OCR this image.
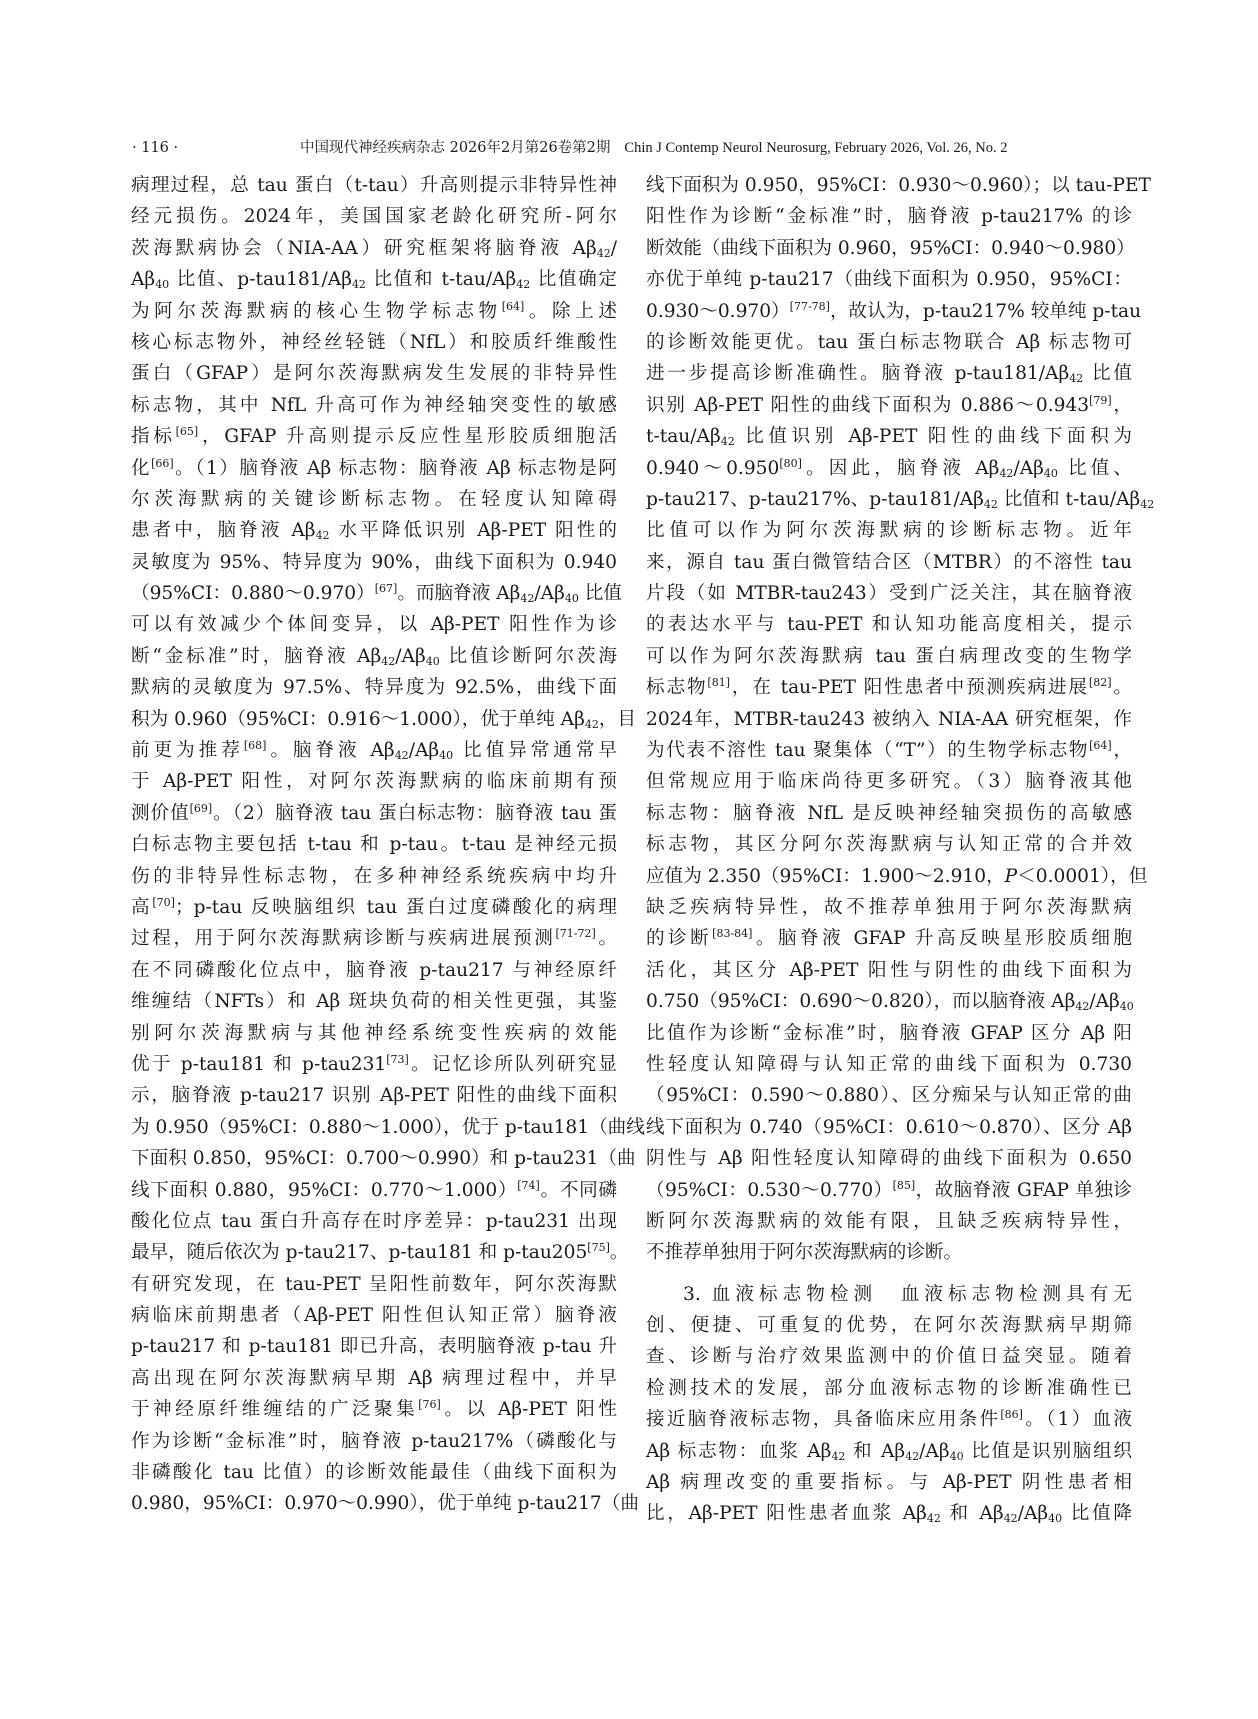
· 116 ·	中国现代神经疾病杂志 2026年2月第26卷第2期 Chin J Contemp Neurol Neurosurg, February 2026, Vol. 26, No. 2
病理过程，总 tau 蛋白（t-tau）升高则提示非特异性神
经元损伤。2024年，美国国家老龄化研究所-阿尔
茨海默病协会（NIA-AA）研究框架将脑脊液 $A\beta_{42}/$
$A\beta_{40}$ 比值、$p-tau181/A\beta_{42}$ 比值和 $t-tau/A\beta_{42}$ 比值确定
为阿尔茨海默病的核心生物学标志物[64]。除上述
核心标志物外，神经丝轻链（NfL）和胶质纤维酸性
蛋白（GFAP）是阿尔茨海默病发生发展的非特异性
标志物，其中 NfL 升高可作为神经轴突变性的敏感
指标[65]，GFAP 升高则提示反应性星形胶质细胞活
化[66]。（1）脑脊液 Aβ 标志物：脑脊液 Aβ 标志物是阿
尔茨海默病的关键诊断标志物。在轻度认知障碍
患者中，脑脊液 $A\beta_{42}$ 水平降低识别 Aβ-PET 阳性的
灵敏度为 95%、特异度为 90%，曲线下面积为 0.940
（95%CI：0.880～0.970）[67]。而脑脊液 $A\beta_{42}/A\beta_{40}$ 比值
可以有效减少个体间变异，以 Aβ-PET 阳性作为诊
断“金标准”时，脑脊液 $A\beta_{42}/A\beta_{40}$ 比值诊断阿尔茨海
默病的灵敏度为 97.5%、特异度为 92.5%，曲线下面
积为 0.960（95%CI：0.916～1.000），优于单纯 $A\beta_{42}$，目
前更为推荐[68]。脑脊液 $A\beta_{42}/A\beta_{40}$ 比值异常通常早
于 Aβ-PET 阳性，对阿尔茨海默病的临床前期有预
测价值[69]。（2）脑脊液 tau 蛋白标志物：脑脊液 tau 蛋
白标志物主要包括 t-tau 和 p-tau。t-tau 是神经元损
伤的非特异性标志物，在多种神经系统疾病中均升
高[70]；p-tau 反映脑组织 tau 蛋白过度磷酸化的病理
过程，用于阿尔茨海默病诊断与疾病进展预测[71-72]。
在不同磷酸化位点中，脑脊液 p-tau217 与神经原纤
维缠结（NFTs）和 Aβ 斑块负荷的相关性更强，其鉴
别阿尔茨海默病与其他神经系统变性疾病的效能
优于 p-tau181 和 p-tau231[73]。记忆诊所队列研究显
示，脑脊液 p-tau217 识别 Aβ-PET 阳性的曲线下面积
为 0.950（95%CI：0.880～1.000），优于 p-tau181（曲线
下面积 0.850，95%CI：0.700～0.990）和 p-tau231（曲
线下面积 0.880，95%CI：0.770～1.000）[74]。不同磷
酸化位点 tau 蛋白升高存在时序差异：p-tau231 出现
最早，随后依次为 p-tau217、p-tau181 和 p-tau205[75]。
有研究发现，在 tau-PET 呈阳性前数年，阿尔茨海默
病临床前期患者（Aβ-PET 阳性但认知正常）脑脊液
p-tau217 和 p-tau181 即已升高，表明脑脊液 p-tau 升
高出现在阿尔茨海默病早期 Aβ 病理过程中，并早
于神经原纤维缠结的广泛聚集[76]。以 Aβ-PET 阳性
作为诊断“金标准”时，脑脊液 p-tau217%（磷酸化与
非磷酸化 tau 比值）的诊断效能最佳（曲线下面积为
0.980，95%CI：0.970～0.990），优于单纯 p-tau217（曲
线下面积为 0.950，95%CI：0.930～0.960）；以 tau-PET
阳性作为诊断“金标准”时，脑脊液 p-tau217% 的诊
断效能（曲线下面积为 0.960，95%CI：0.940～0.980）
亦优于单纯 p-tau217（曲线下面积为 0.950，95%CI：
0.930～0.970）[77-78]，故认为，p-tau217% 较单纯 p-tau
的诊断效能更优。tau 蛋白标志物联合 Aβ 标志物可
进一步提高诊断准确性。脑脊液 $p-tau181/A\beta_{42}$ 比值
识别 Aβ-PET 阳性的曲线下面积为 0.886～0.943[79]，
$t-tau/A\beta_{42}$ 比值识别 Aβ-PET 阳性的曲线下面积为
0.940～0.950[80]。因此，脑脊液 $A\beta_{42}/A\beta_{40}$ 比值、
p-tau217、p-tau217%、$p-tau181/A\beta_{42}$ 比值和 $t-tau/A\beta_{42}$
比值可以作为阿尔茨海默病的诊断标志物。近年
来，源自 tau 蛋白微管结合区（MTBR）的不溶性 tau
片段（如 MTBR-tau243）受到广泛关注，其在脑脊液
的表达水平与 tau-PET 和认知功能高度相关，提示
可以作为阿尔茨海默病 tau 蛋白病理改变的生物学
标志物[81]，在 tau-PET 阳性患者中预测疾病进展[82]。
2024年，MTBR-tau243 被纳入 NIA-AA 研究框架，作
为代表不溶性 tau 聚集体（“T”）的生物学标志物[64]，
但常规应用于临床尚待更多研究。（3）脑脊液其他
标志物：脑脊液 NfL 是反映神经轴突损伤的高敏感
标志物，其区分阿尔茨海默病与认知正常的合并效
应值为 2.350（95%CI：1.900～2.910，P＜0.0001），但
缺乏疾病特异性，故不推荐单独用于阿尔茨海默病
的诊断[83-84]。脑脊液 GFAP 升高反映星形胶质细胞
活化，其区分 Aβ-PET 阳性与阴性的曲线下面积为
0.750（95%CI：0.690～0.820），而以脑脊液 $A\beta_{42}/A\beta_{40}$
比值作为诊断“金标准”时，脑脊液 GFAP 区分 Aβ 阳
性轻度认知障碍与认知正常的曲线下面积为 0.730
（95%CI：0.590～0.880）、区分痴呆与认知正常的曲
线下面积为 0.740（95%CI：0.610～0.870）、区分 Aβ
阴性与 Aβ 阳性轻度认知障碍的曲线下面积为 0.650
（95%CI：0.530～0.770）[85]，故脑脊液 GFAP 单独诊
断阿尔茨海默病的效能有限，且缺乏疾病特异性，
不推荐单独用于阿尔茨海默病的诊断。
3. 血液标志物检测　血液标志物检测具有无
创、便捷、可重复的优势，在阿尔茨海默病早期筛
查、诊断与治疗效果监测中的价值日益突显。随着
检测技术的发展，部分血液标志物的诊断准确性已
接近脑脊液标志物，具备临床应用条件[86]。（1）血液
Aβ 标志物：血浆 $A\beta_{42}$ 和 $A\beta_{42}/A\beta_{40}$ 比值是识别脑组织
Aβ 病理改变的重要指标。与 Aβ-PET 阴性患者相
比，Aβ-PET 阳性患者血浆 $A\beta_{42}$ 和 $A\beta_{42}/A\beta_{40}$ 比值降
